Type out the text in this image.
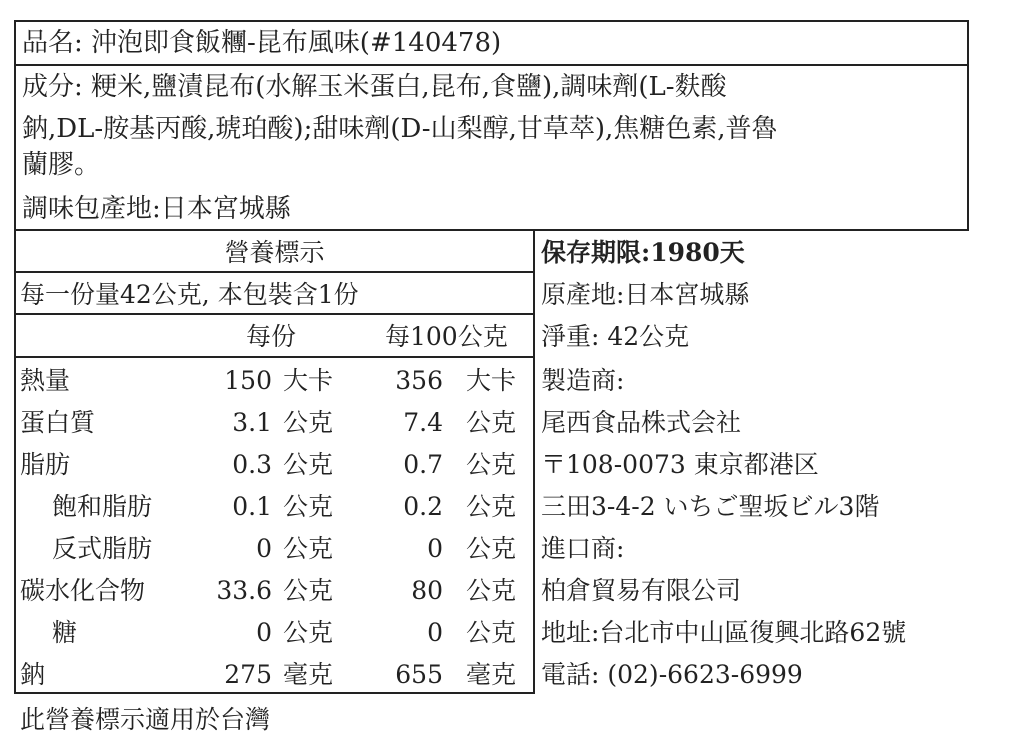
品名: 沖泡即食飯糰-昆布風味(#140478)
成分: 粳米,鹽漬昆布(水解玉米蛋白,昆布,食鹽),調味劑(L-麩酸
鈉,DL-胺基丙酸,琥珀酸);甜味劑(D-山梨醇,甘草萃),焦糖色素,普魯
蘭膠。
調味包產地:日本宮城縣
營養標示
每一份量42公克, 本包裝含1份
每份	每100公克
熱量	150 大卡	356 大卡
蛋白質	3.1 公克	7.4 公克
脂肪	0.3 公克	0.7 公克
飽和脂肪	0.1 公克	0.2 公克
反式脂肪	0 公克	0 公克
碳水化合物	33.6 公克	80 公克
糖	0 公克	0 公克
鈉	275 毫克	655 毫克
此營養標示適用於台灣
保存期限:1980天
原產地:日本宮城縣
淨重: 42公克
製造商:
尾西食品株式会社
〒108-0073 東京都港区
三田3-4-2 いちご聖坂ビル3階
進口商:
柏倉貿易有限公司
地址:台北市中山區復興北路62號
電話: (02)-6623-6999
